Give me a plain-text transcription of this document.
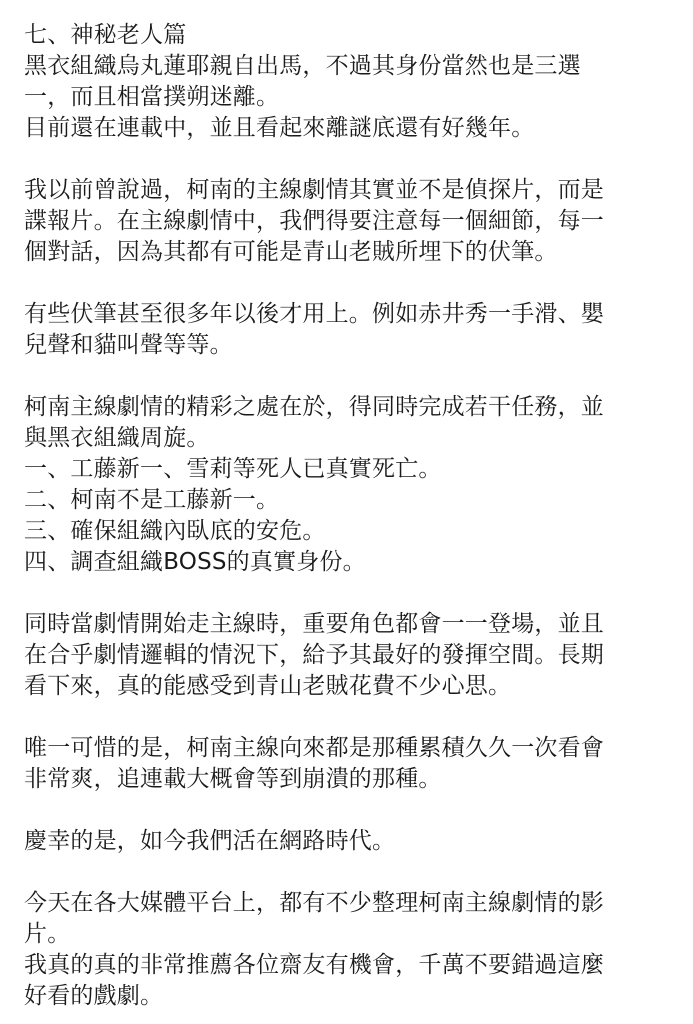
七、神秘老人篇
黑衣組織烏丸蓮耶親自出馬，不過其身份當然也是三選
一，而且相當撲朔迷離。
目前還在連載中，並且看起來離謎底還有好幾年。
我以前曾說過，柯南的主線劇情其實並不是偵探片，而是
諜報片。在主線劇情中，我們得要注意每一個細節，每一
個對話，因為其都有可能是青山老賊所埋下的伏筆。
有些伏筆甚至很多年以後才用上。例如赤井秀一手滑、嬰
兒聲和貓叫聲等等。
柯南主線劇情的精彩之處在於，得同時完成若干任務，並
與黑衣組織周旋。
一、工藤新一、雪莉等死人已真實死亡。
二、柯南不是工藤新一。
三、確保組織內臥底的安危。
四、調查組織BOSS的真實身份。
同時當劇情開始走主線時，重要角色都會一一登場，並且
在合乎劇情邏輯的情況下，給予其最好的發揮空間。長期
看下來，真的能感受到青山老賊花費不少心思。
唯一可惜的是，柯南主線向來都是那種累積久久一次看會
非常爽，追連載大概會等到崩潰的那種。
慶幸的是，如今我們活在網路時代。
今天在各大媒體平台上，都有不少整理柯南主線劇情的影
片。
我真的真的非常推薦各位齋友有機會，千萬不要錯過這麼
好看的戲劇。
